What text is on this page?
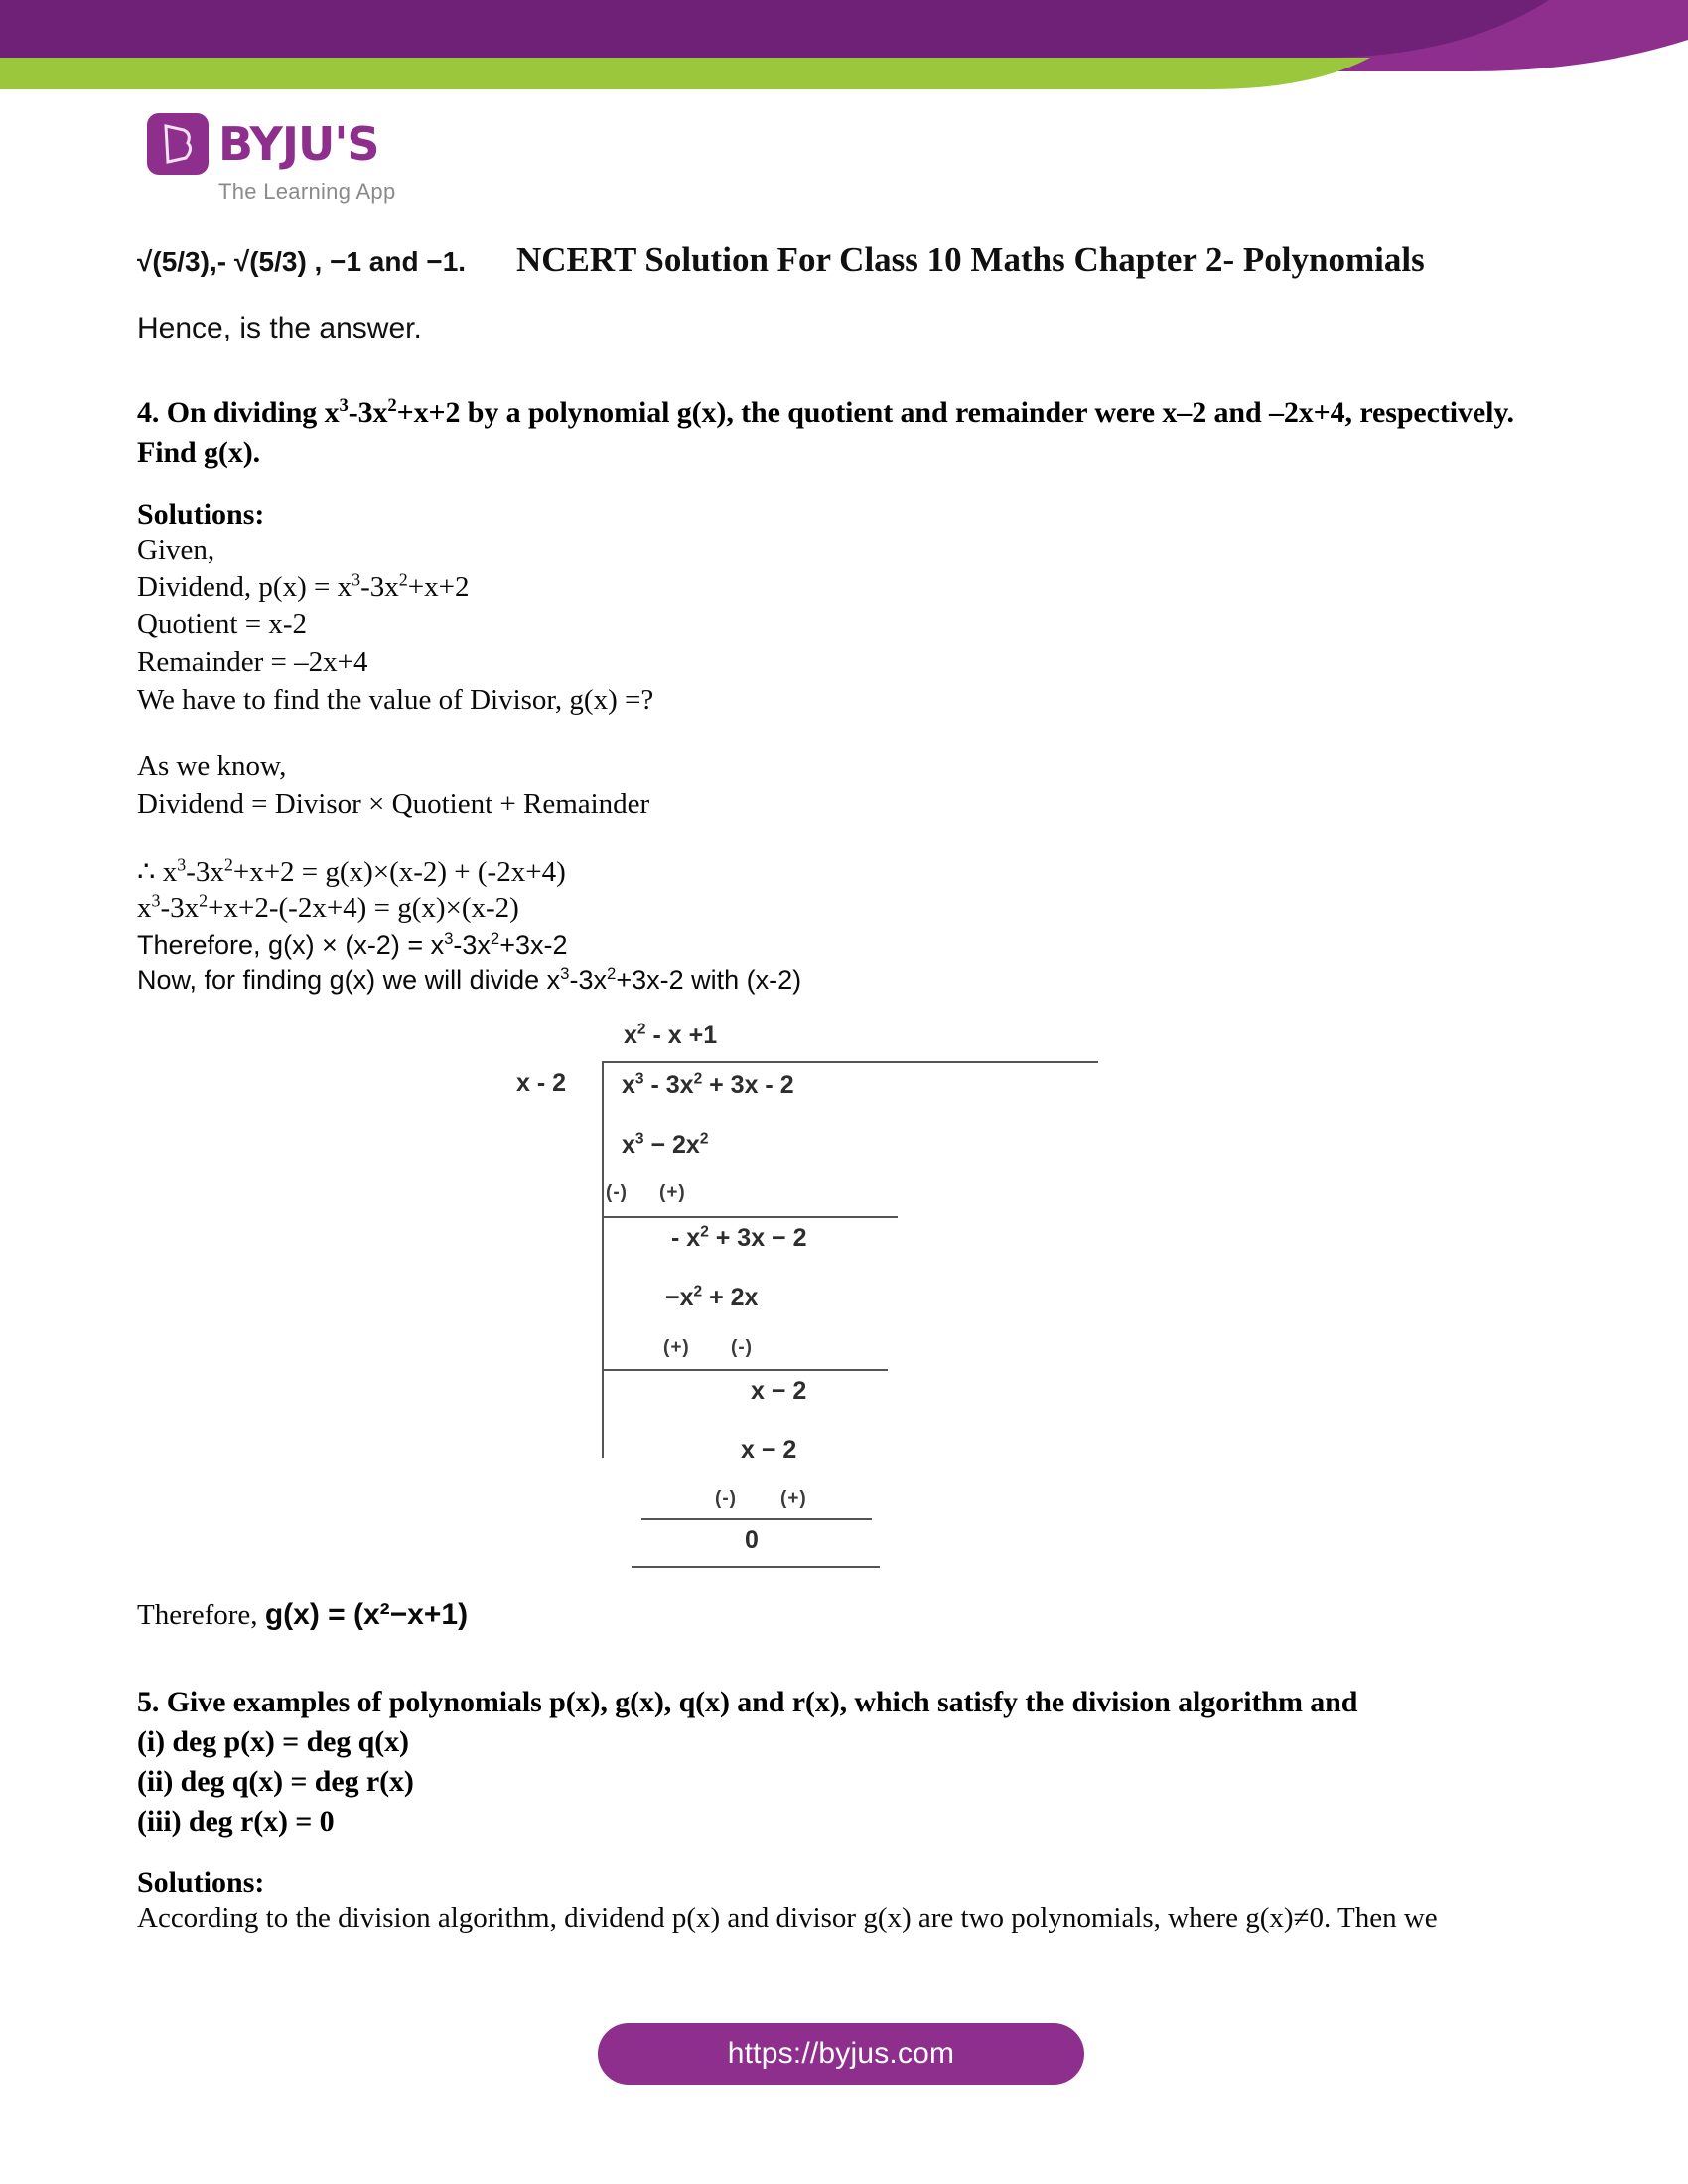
BYJU'S
The Learning App
NCERT Solution For Class 10 Maths Chapter 2- Polynomials

√(5/3),- √(5/3) , −1 and −1.

Hence, is the answer.

4. On dividing $x^3-3x^2+x+2$ by a polynomial g(x), the quotient and remainder were x–2 and –2x+4, respectively.
Find g(x).
Solutions:

Given,

Dividend, $p(x) = x^3-3x^2+x+2$

Quotient = x-2

Remainder = –2x+4

We have to find the value of Divisor, g(x) =?

As we know,

Dividend = Divisor × Quotient + Remainder

∴ $x^3-3x^2+x+2 = g(x)\times(x-2) + (-2x+4)$

$x^3-3x^2+x+2-(-2x+4) = g(x)\times(x-2)$

Therefore, $g(x) \times (x-2) = x^3-3x^2+3x-2$

Now, for finding g(x) we will divide $x^3-3x^2+3x-2$ with (x-2)

$x^2 - x +1$
x - 2 $x^3 - 3x^2 + 3x - 2$
$x^3 - 2x^2$
(-) (+)
- $x^2 + 3x - 2$
$-x^2 + 2x$
(+) (-)
x − 2
x − 2
(-) (+)
0

Therefore, g(x) = (x²−x+1)

5. Give examples of polynomials p(x), g(x), q(x) and r(x), which satisfy the division algorithm and
(i) deg p(x) = deg q(x)
(ii) deg q(x) = deg r(x)
(iii) deg r(x) = 0
Solutions:

According to the division algorithm, dividend p(x) and divisor g(x) are two polynomials, where g(x)≠0. Then we

https://byjus.com
